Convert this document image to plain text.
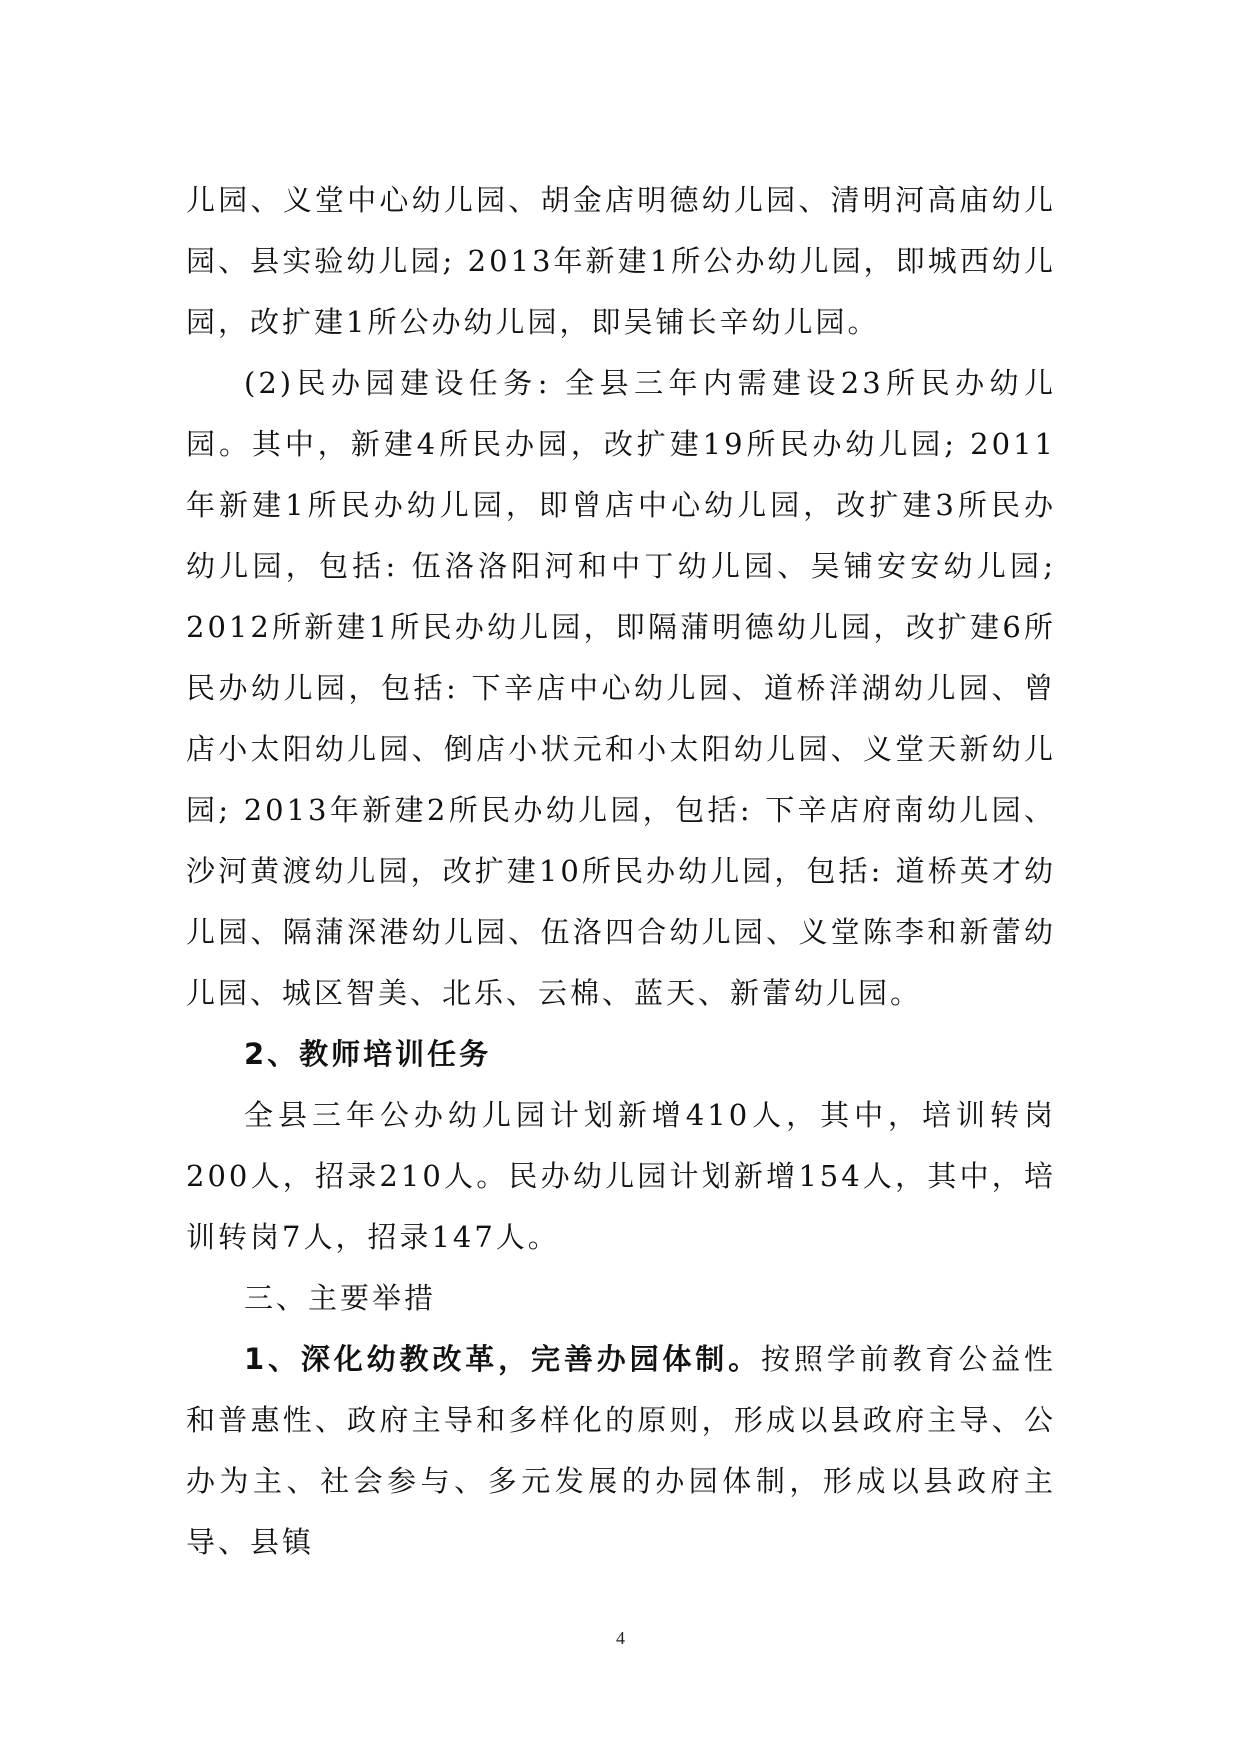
儿园、义堂中心幼儿园、胡金店明德幼儿园、清明河高庙幼儿园、县实验幼儿园; 2013年新建1所公办幼儿园，即城西幼儿园，改扩建1所公办幼儿园，即吴铺长辛幼儿园。

(2)民办园建设任务: 全县三年内需建设23所民办幼儿园。其中，新建4所民办园，改扩建19所民办幼儿园; 2011年新建1所民办幼儿园，即曾店中心幼儿园，改扩建3所民办幼儿园，包括: 伍洛洛阳河和中丁幼儿园、吴铺安安幼儿园; 2012所新建1所民办幼儿园，即隔蒲明德幼儿园，改扩建6所民办幼儿园，包括: 下辛店中心幼儿园、道桥洋湖幼儿园、曾店小太阳幼儿园、倒店小状元和小太阳幼儿园、义堂天新幼儿园; 2013年新建2所民办幼儿园，包括: 下辛店府南幼儿园、沙河黄渡幼儿园，改扩建10所民办幼儿园，包括: 道桥英才幼儿园、隔蒲深港幼儿园、伍洛四合幼儿园、义堂陈李和新蕾幼儿园、城区智美、北乐、云棉、蓝天、新蕾幼儿园。

2、教师培训任务

全县三年公办幼儿园计划新增410人，其中，培训转岗200人，招录210人。民办幼儿园计划新增154人，其中，培训转岗7人，招录147人。

三、主要举措

1、深化幼教改革，完善办园体制。按照学前教育公益性和普惠性、政府主导和多样化的原则，形成以县政府主导、公办为主、社会参与、多元发展的办园体制，形成以县政府主导、县镇

4
